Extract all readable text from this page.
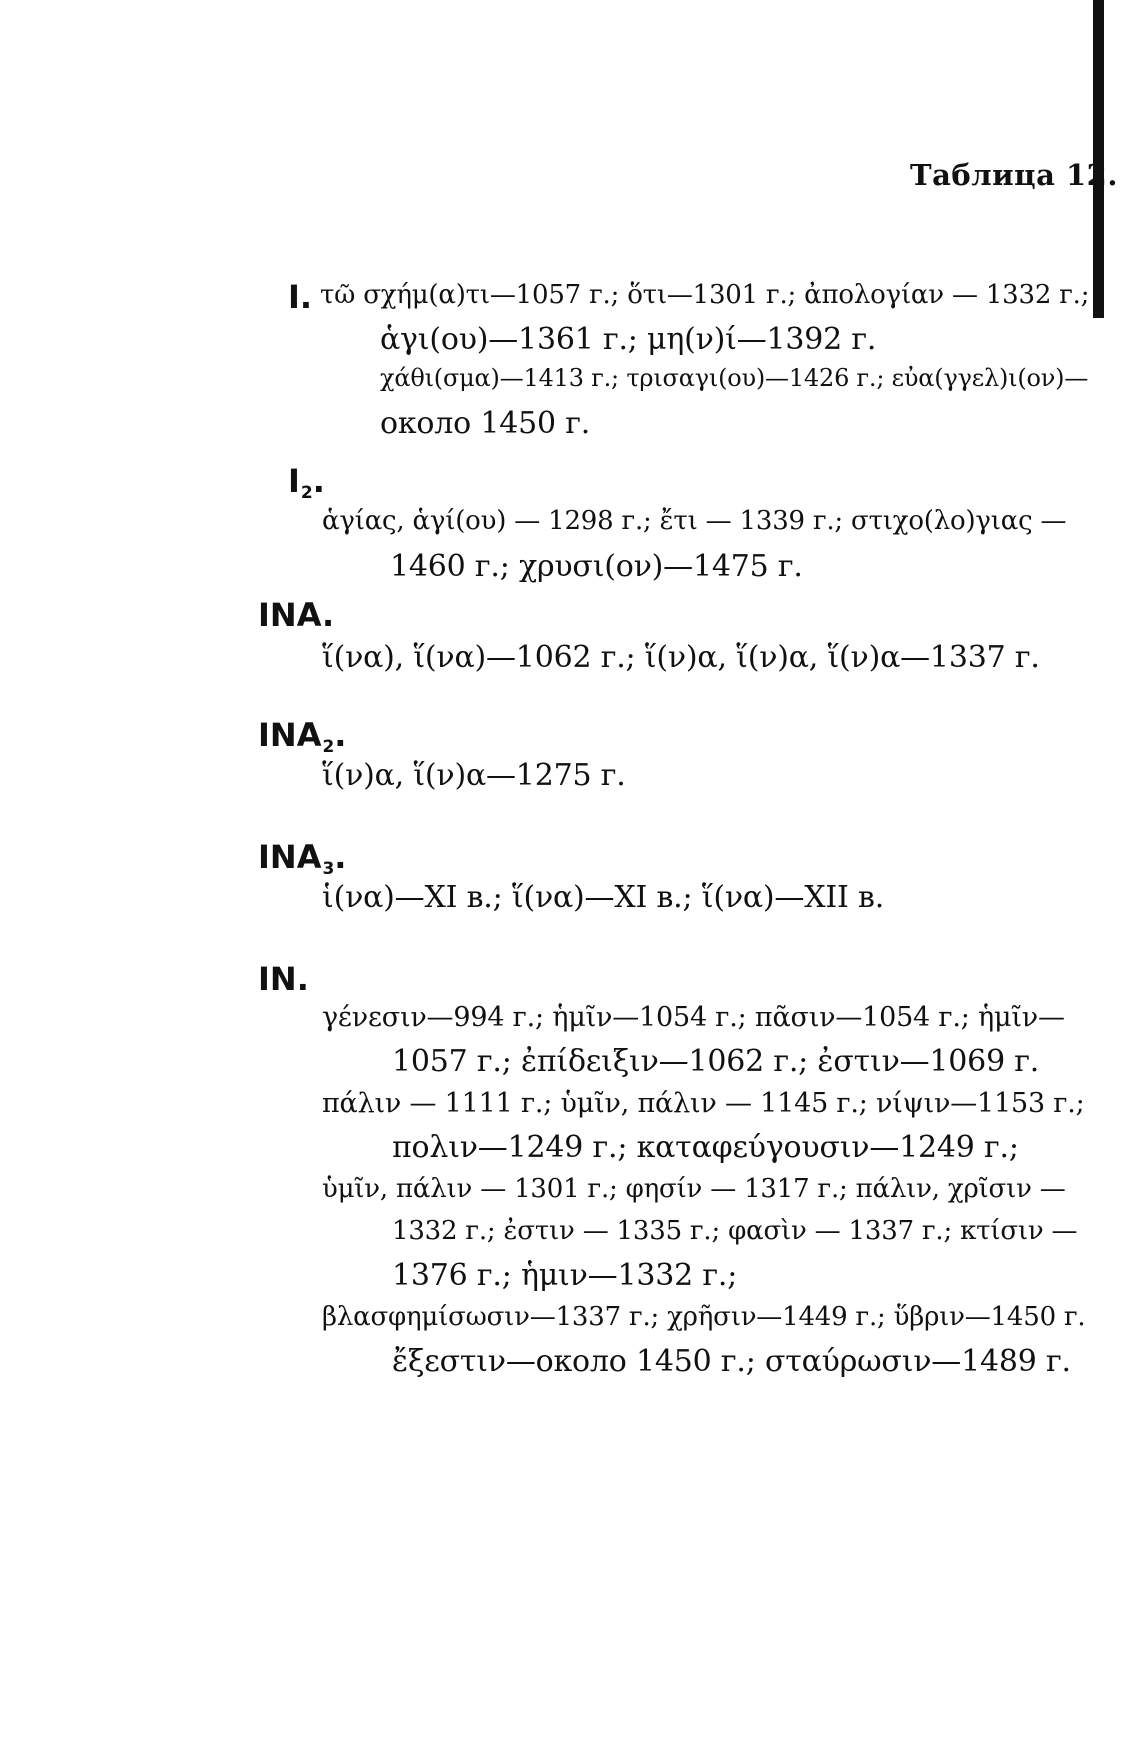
Таблица 12.
I. τῶ σχήμ(α)τι—1057 г.; ὅτι—1301 г.; ἀπολογίαν — 1332 г.;
ἁγι(ου)—1361 г.; μη(ν)ί—1392 г.
χάθι(σμα)—1413 г.; τρισαγι(ου)—1426 г.; εὐα(γγελ)ι(ον)—
около 1450 г.
$I_2$.
ἁγίας, ἁγί(ου) — 1298 г.; ἔτι — 1339 г.; στιχο(λο)γιας —
1460 г.; χρυσι(ον)—1475 г.
INA.
ἵ(να), ἵ(να)—1062 г.; ἵ(ν)α, ἵ(ν)α, ἵ(ν)α—1337 г.
$INA_2$.
ἵ(ν)α, ἵ(ν)α—1275 г.
$INA_3$.
ἱ(να)—XI в.; ἵ(να)—XI в.; ἵ(να)—XII в.
IN.
γένεσιν—994 г.; ἡμῖν—1054 г.; πᾶσιν—1054 г.; ἡμῖν—
1057 г.; ἐπίδειξιν—1062 г.; ἐστιν—1069 г.
πάλιν — 1111 г.; ὑμῖν, πάλιν — 1145 г.; νίψιν—1153 г.;
πολιν—1249 г.; καταφεύγουσιν—1249 г.;
ὑμῖν, πάλιν — 1301 г.; φησίν — 1317 г.; πάλιν, χρῖσιν —
1332 г.; ἐστιν — 1335 г.; φασὶν — 1337 г.; κτίσιν —
1376 г.; ἡμιν—1332 г.;
βλασφημίσωσιν—1337 г.; χρῆσιν—1449 г.; ὕβριν—1450 г.
ἔξεστιν—около 1450 г.; σταύρωσιν—1489 г.
